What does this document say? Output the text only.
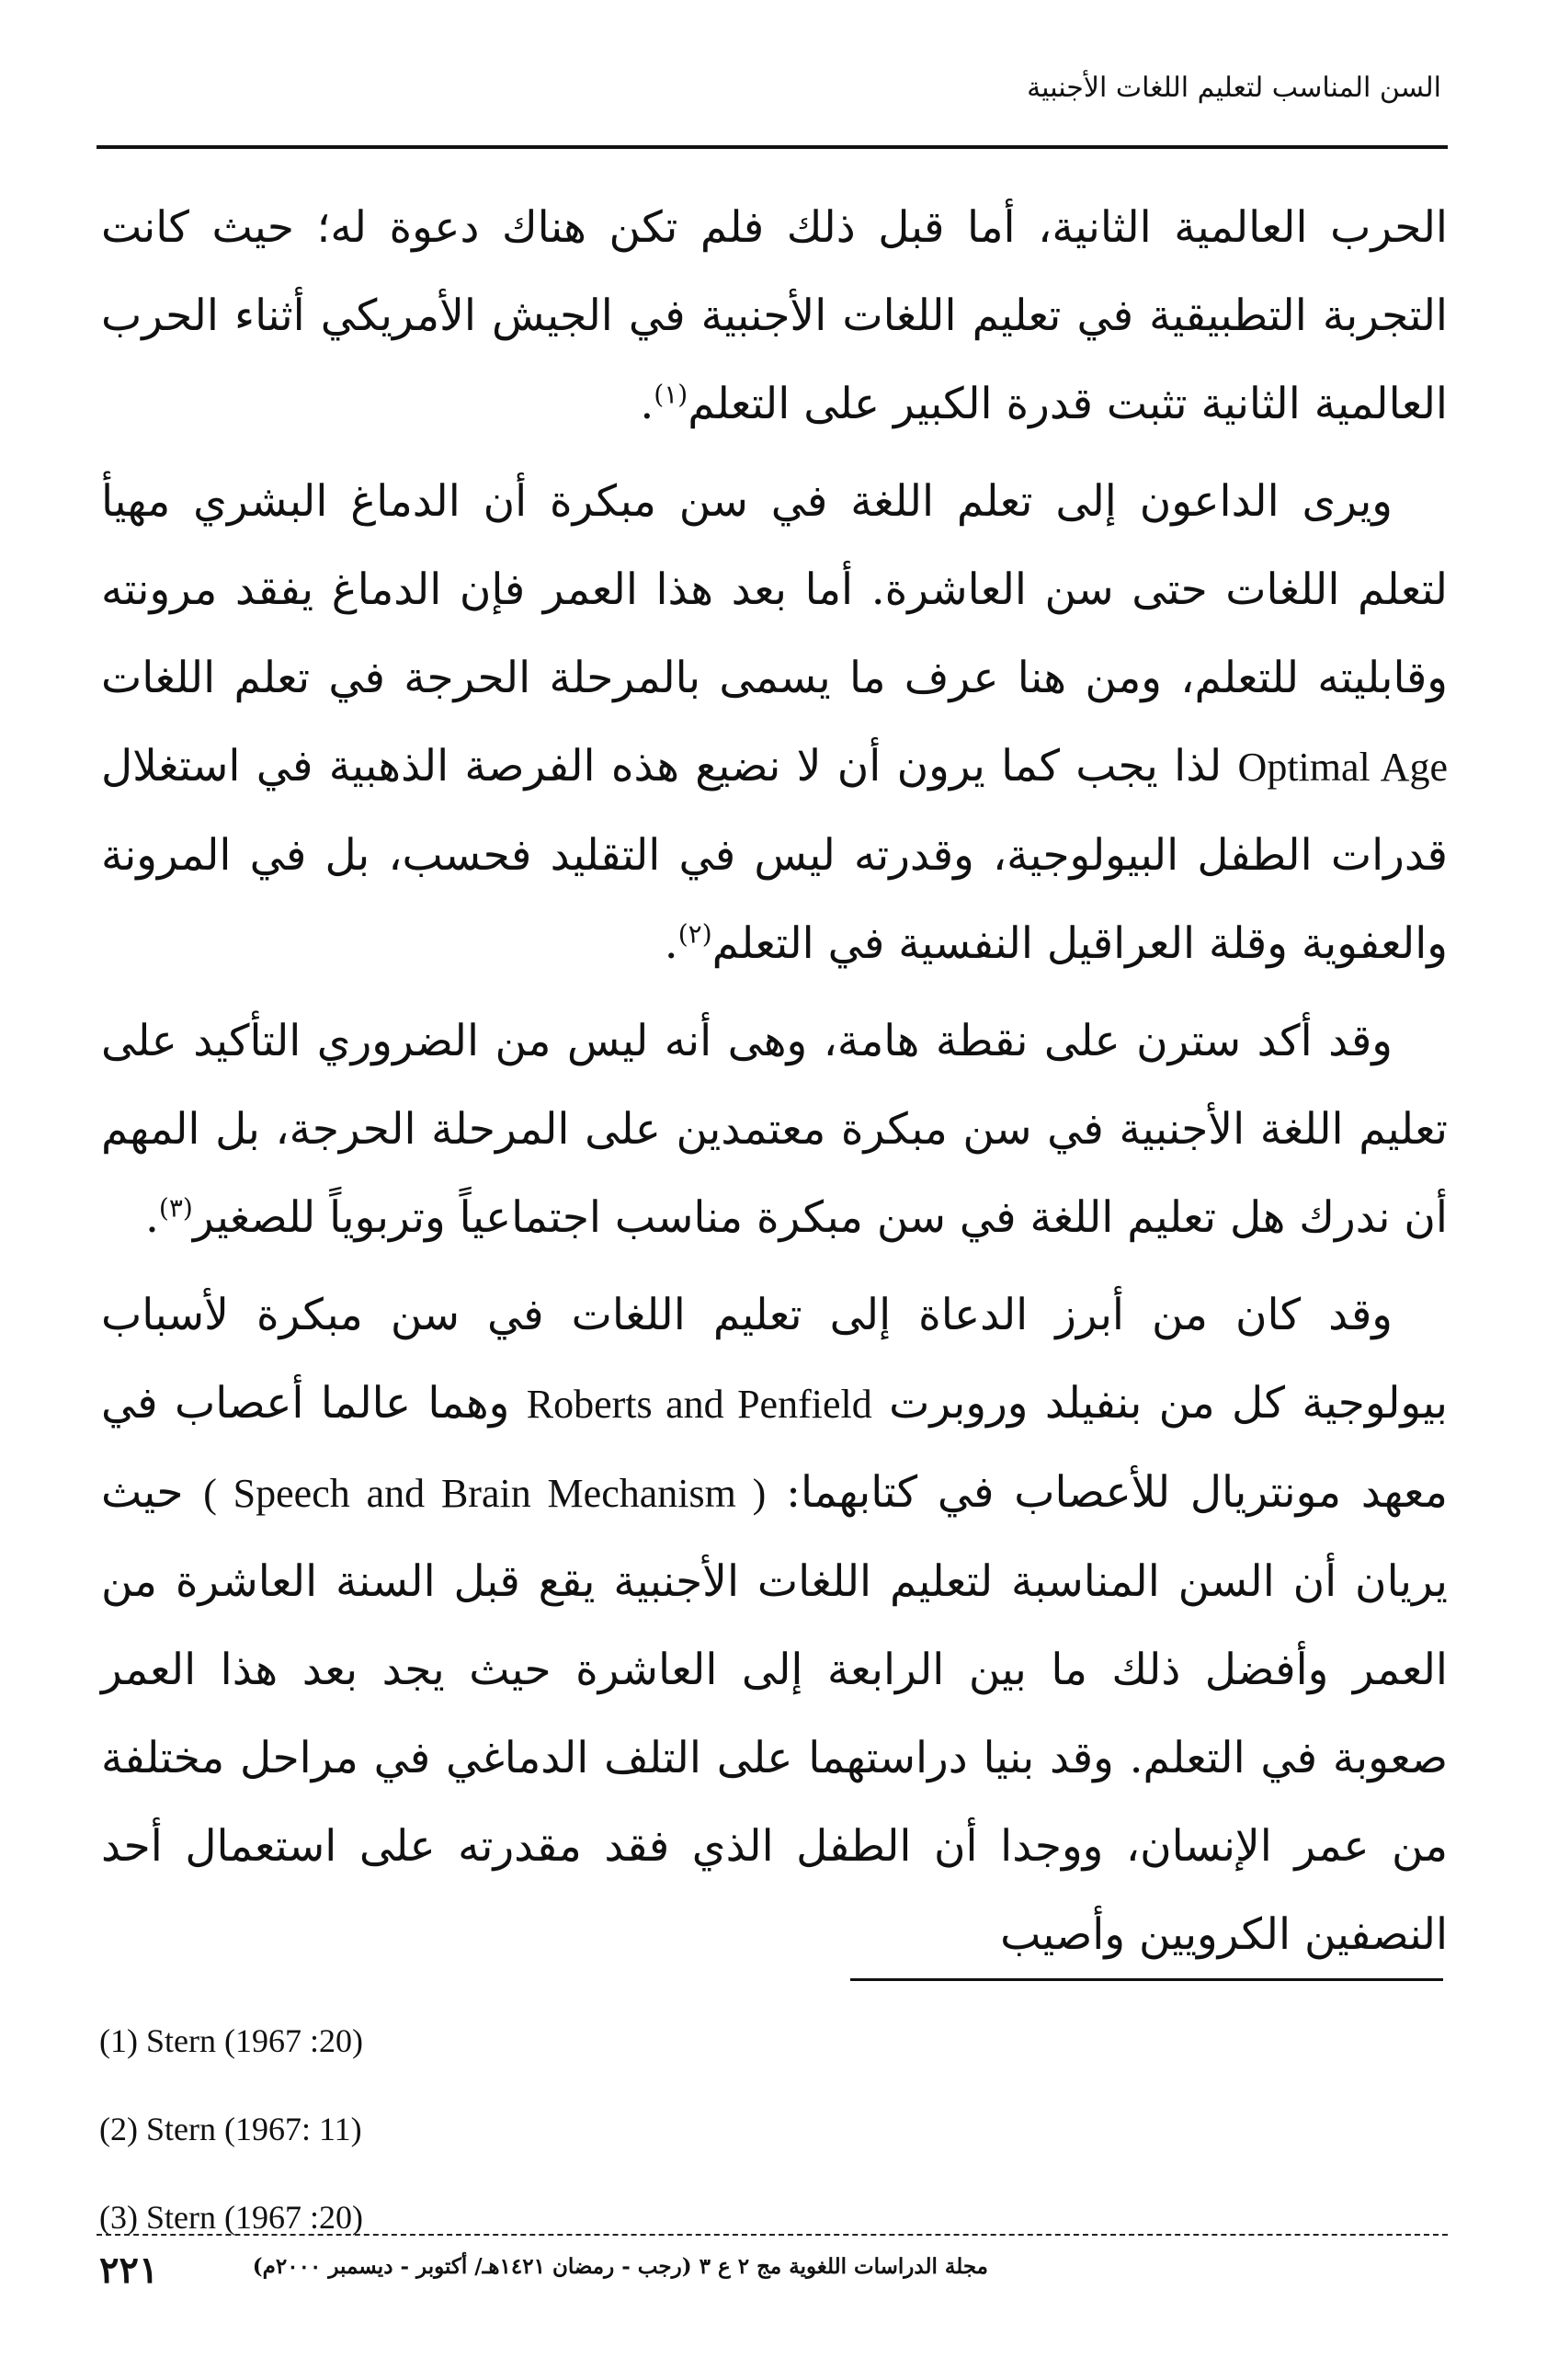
السن المناسب لتعليم اللغات الأجنبية

الحرب العالمية الثانية، أما قبل ذلك فلم تكن هناك دعوة له؛ حيث كانت التجربة التطبيقية في تعليم اللغات الأجنبية في الجيش الأمريكي أثناء الحرب العالمية الثانية تثبت قدرة الكبير على التعلم$^{(١)}$.

ويرى الداعون إلى تعلم اللغة في سن مبكرة أن الدماغ البشري مهيأ لتعلم اللغات حتى سن العاشرة. أما بعد هذا العمر فإن الدماغ يفقد مرونته وقابليته للتعلم، ومن هنا عرف ما يسمى بالمرحلة الحرجة في تعلم اللغات Optimal Age لذا يجب كما يرون أن لا نضيع هذه الفرصة الذهبية في استغلال قدرات الطفل البيولوجية، وقدرته ليس في التقليد فحسب، بل في المرونة والعفوية وقلة العراقيل النفسية في التعلم$^{(٢)}$.

وقد أكد سترن على نقطة هامة، وهى أنه ليس من الضروري التأكيد على تعليم اللغة الأجنبية في سن مبكرة معتمدين على المرحلة الحرجة، بل المهم أن ندرك هل تعليم اللغة في سن مبكرة مناسب اجتماعياً وتربوياً للصغير$^{(٣)}$.

وقد كان من أبرز الدعاة إلى تعليم اللغات في سن مبكرة لأسباب بيولوجية كل من بنفيلد وروبرت Roberts and Penfield وهما عالما أعصاب في معهد مونتريال للأعصاب في كتابهما: ( Speech and Brain Mechanism ) حيث يريان أن السن المناسبة لتعليم اللغات الأجنبية يقع قبل السنة العاشرة من العمر وأفضل ذلك ما بين الرابعة إلى العاشرة حيث يجد بعد هذا العمر صعوبة في التعلم. وقد بنيا دراستهما على التلف الدماغي في مراحل مختلفة من عمر الإنسان، ووجدا أن الطفل الذي فقد مقدرته على استعمال أحد النصفين الكرويين وأصيب

(1) Stern (1967 :20)
(2) Stern (1967: 11)
(3) Stern (1967 :20)
٢٢١	مجلة الدراسات اللغوية مج ٢ ع ٣ (رجب - رمضان ١٤٢١هـ/ أكتوبر - ديسمبر ٢٠٠٠م)
